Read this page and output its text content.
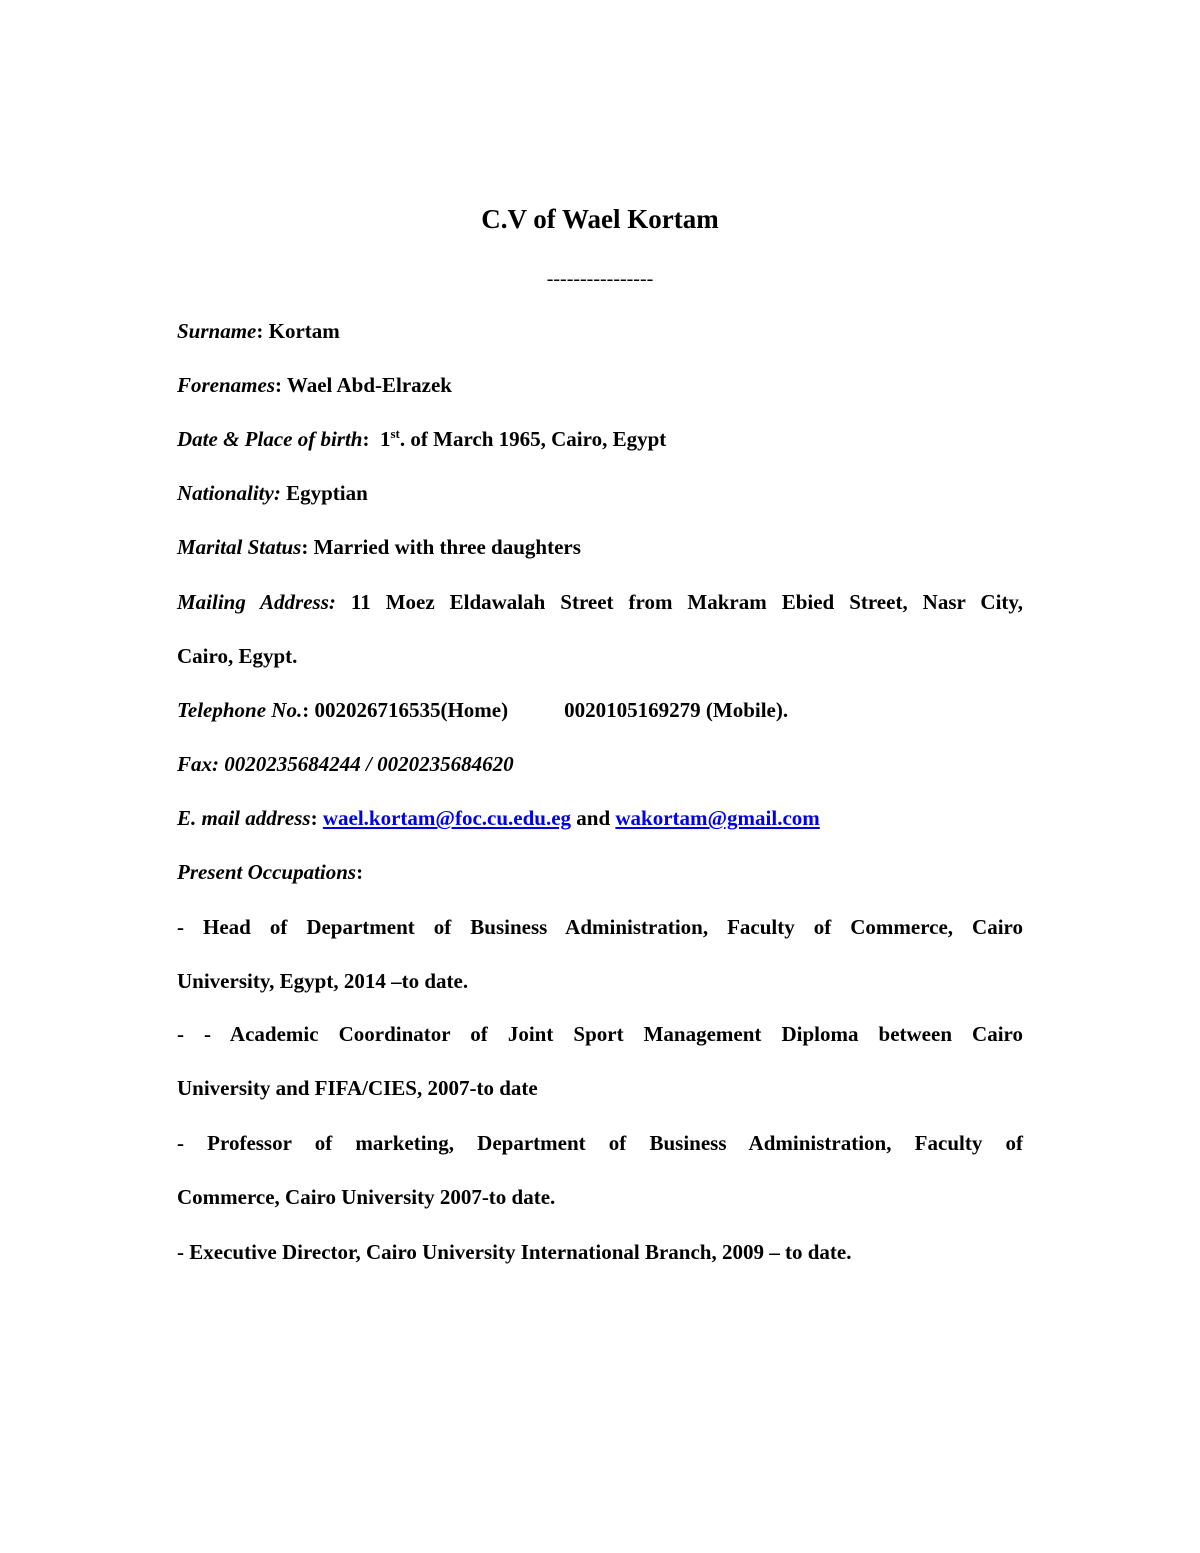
C.V of Wael Kortam
----------------
Surname: Kortam
Forenames: Wael Abd-Elrazek
Date & Place of birth:  1st. of March 1965, Cairo, Egypt
Nationality: Egyptian
Marital Status: Married with three daughters
Mailing Address: 11 Moez Eldawalah Street from Makram Ebied Street, Nasr City,
Cairo, Egypt.
Telephone No.: 002026716535(Home)	0020105169279 (Mobile).
Fax: 0020235684244 / 0020235684620
E. mail address: wael.kortam@foc.cu.edu.eg and wakortam@gmail.com
Present Occupations:
- Head of Department of Business Administration, Faculty of Commerce, Cairo
University, Egypt, 2014 –to date.
- - Academic Coordinator of Joint Sport Management Diploma between Cairo
University and FIFA/CIES, 2007-to date
- Professor of marketing, Department of Business Administration, Faculty of
Commerce, Cairo University 2007-to date.
- Executive Director, Cairo University International Branch, 2009 – to date.
